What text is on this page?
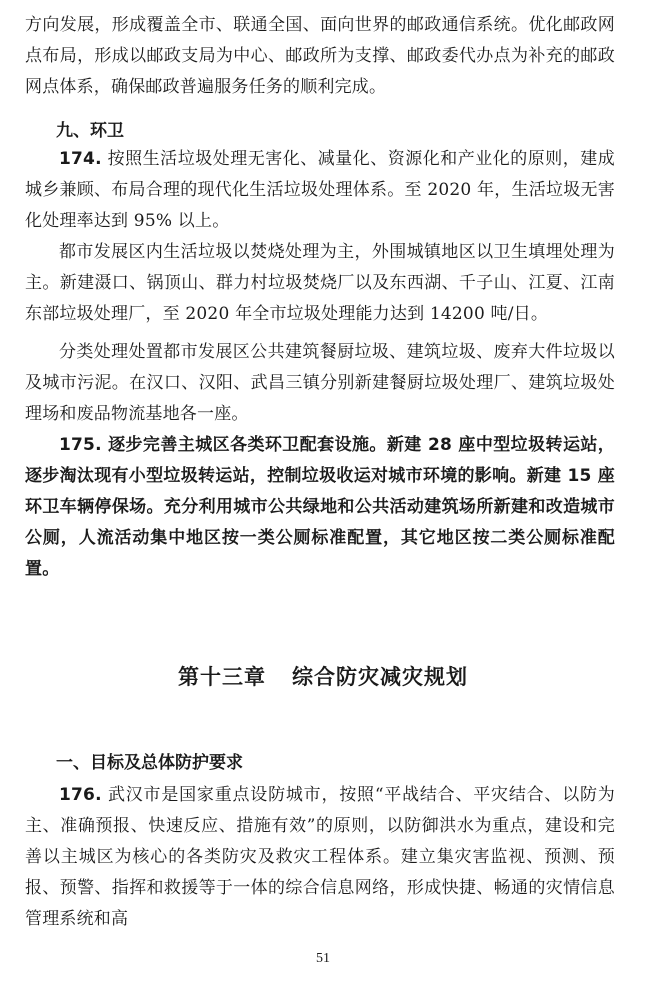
方向发展，形成覆盖全市、联通全国、面向世界的邮政通信系统。优化邮政网点布局，形成以邮政支局为中心、邮政所为支撑、邮政委代办点为补充的邮政网点体系，确保邮政普遍服务任务的顺利完成。

九、环卫

174. 按照生活垃圾处理无害化、减量化、资源化和产业化的原则，建成城乡兼顾、布局合理的现代化生活垃圾处理体系。至 2020 年，生活垃圾无害化处理率达到 95% 以上。

都市发展区内生活垃圾以焚烧处理为主，外围城镇地区以卫生填埋处理为主。新建滠口、锅顶山、群力村垃圾焚烧厂以及东西湖、千子山、江夏、江南东部垃圾处理厂，至 2020 年全市垃圾处理能力达到 14200 吨/日。

分类处理处置都市发展区公共建筑餐厨垃圾、建筑垃圾、废弃大件垃圾以及城市污泥。在汉口、汉阳、武昌三镇分别新建餐厨垃圾处理厂、建筑垃圾处理场和废品物流基地各一座。

175. 逐步完善主城区各类环卫配套设施。新建 28 座中型垃圾转运站，逐步淘汰现有小型垃圾转运站，控制垃圾收运对城市环境的影响。新建 15 座环卫车辆停保场。充分利用城市公共绿地和公共活动建筑场所新建和改造城市公厕，人流活动集中地区按一类公厕标准配置，其它地区按二类公厕标准配置。

第十三章 综合防灾减灾规划
一、目标及总体防护要求

176. 武汉市是国家重点设防城市，按照“平战结合、平灾结合、以防为主、准确预报、快速反应、措施有效”的原则，以防御洪水为重点，建设和完善以主城区为核心的各类防灾及救灾工程体系。建立集灾害监视、预测、预报、预警、指挥和救援等于一体的综合信息网络，形成快捷、畅通的灾情信息管理系统和高

51
